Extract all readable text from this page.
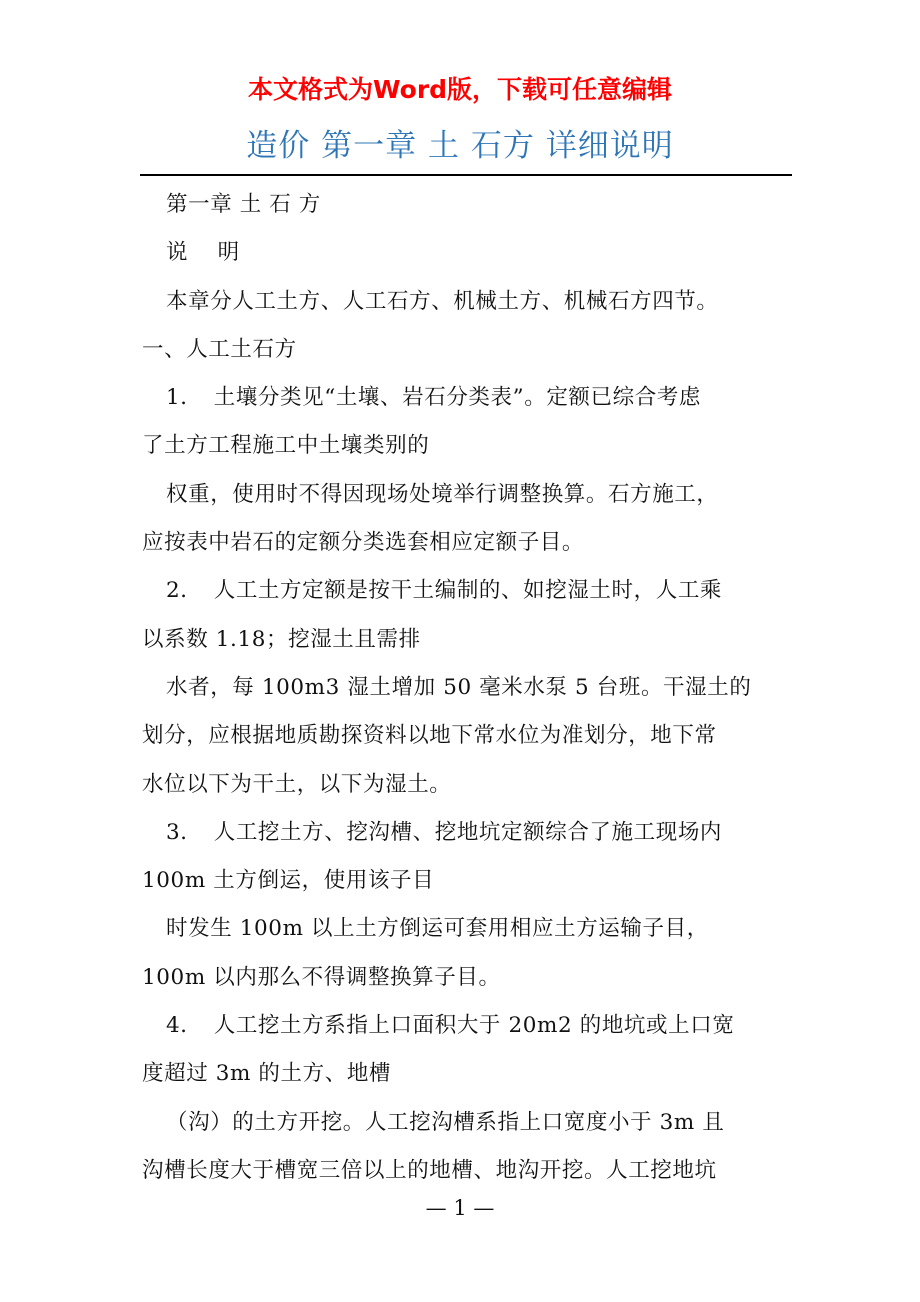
本文格式为Word版，下载可任意编辑
造价 第一章 土 石方 详细说明
第一章 土 石 方
说　 明
本章分人工土方、人工石方、机械土方、机械石方四节。
一、人工土石方
1．　土壤分类见“土壤、岩石分类表”。定额已综合考虑
了土方工程施工中土壤类别的
权重，使用时不得因现场处境举行调整换算。石方施工，
应按表中岩石的定额分类选套相应定额子目。
2．　人工土方定额是按干土编制的、如挖湿土时，人工乘
以系数 1.18；挖湿土且需排
水者，每 100m3 湿土增加 50 毫米水泵 5 台班。干湿土的
划分，应根据地质勘探资料以地下常水位为准划分，地下常
水位以下为干土，以下为湿土。
3．　人工挖土方、挖沟槽、挖地坑定额综合了施工现场内
100m 土方倒运，使用该子目
时发生 100m 以上土方倒运可套用相应土方运输子目，
100m 以内那么不得调整换算子目。
4．　人工挖土方系指上口面积大于 20m2 的地坑或上口宽
度超过 3m 的土方、地槽
（沟）的土方开挖。人工挖沟槽系指上口宽度小于 3m 且
沟槽长度大于槽宽三倍以上的地槽、地沟开挖。人工挖地坑
— 1 —
